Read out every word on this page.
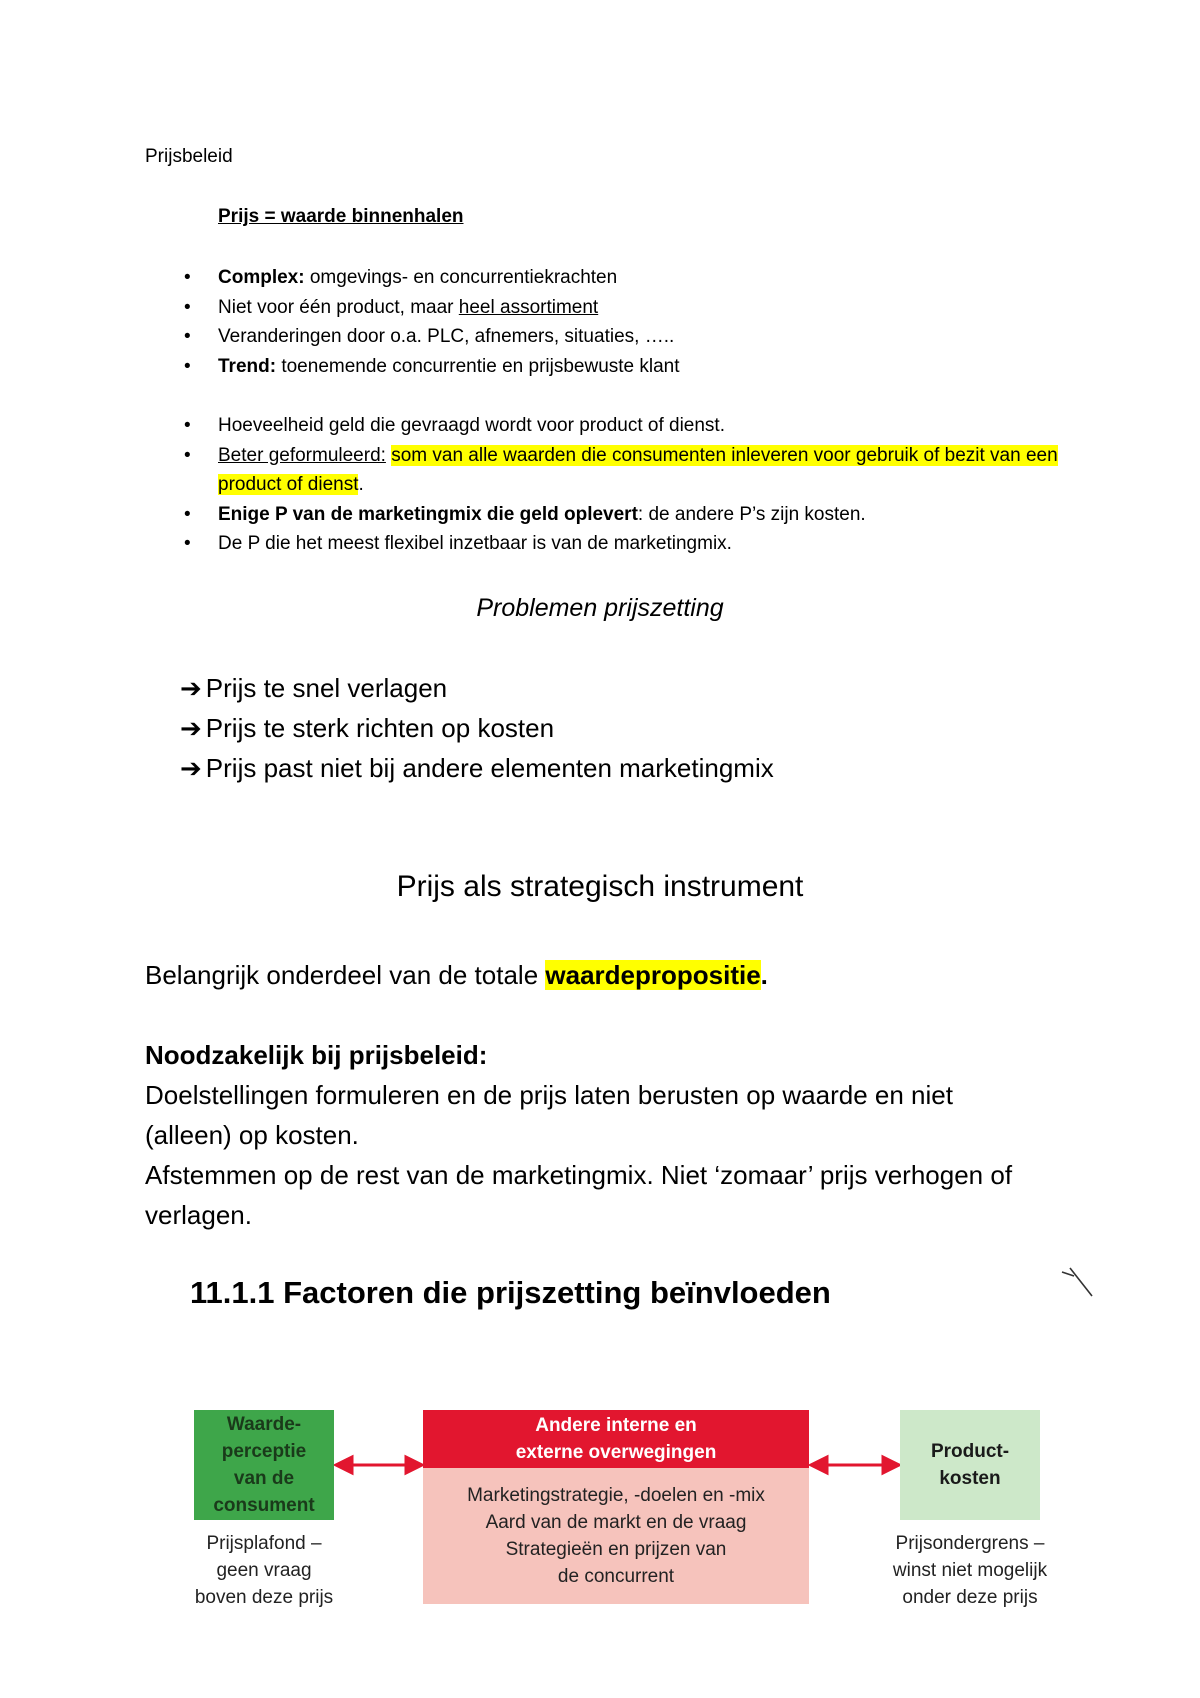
Prijsbeleid
Prijs = waarde binnenhalen
• Complex: omgevings- en concurrentiekrachten
• Niet voor één product, maar heel assortiment
• Veranderingen door o.a. PLC, afnemers, situaties, …..
• Trend: toenemende concurrentie en prijsbewuste klant
• Hoeveelheid geld die gevraagd wordt voor product of dienst.
• Beter geformuleerd: som van alle waarden die consumenten inleveren voor gebruik of bezit van een product of dienst.
• Enige P van de marketingmix die geld oplevert: de andere P’s zijn kosten.
• De P die het meest flexibel inzetbaar is van de marketingmix.
Problemen prijszetting
➔ Prijs te snel verlagen
➔ Prijs te sterk richten op kosten
➔ Prijs past niet bij andere elementen marketingmix
Prijs als strategisch instrument
Belangrijk onderdeel van de totale waardepropositie.
Noodzakelijk bij prijsbeleid:
Doelstellingen formuleren en de prijs laten berusten op waarde en niet (alleen) op kosten.
Afstemmen op de rest van de marketingmix. Niet ‘zomaar’ prijs verhogen of verlagen.
11.1.1 Factoren die prijszetting beïnvloeden
Waarde-
perceptie
van de
consument
Andere interne en
externe overwegingen
Marketingstrategie, -doelen en -mix
Aard van de markt en de vraag
Strategieën en prijzen van
de concurrent
Product-
kosten
Prijsplafond –
geen vraag
boven deze prijs
Prijsondergrens –
winst niet mogelijk
onder deze prijs
